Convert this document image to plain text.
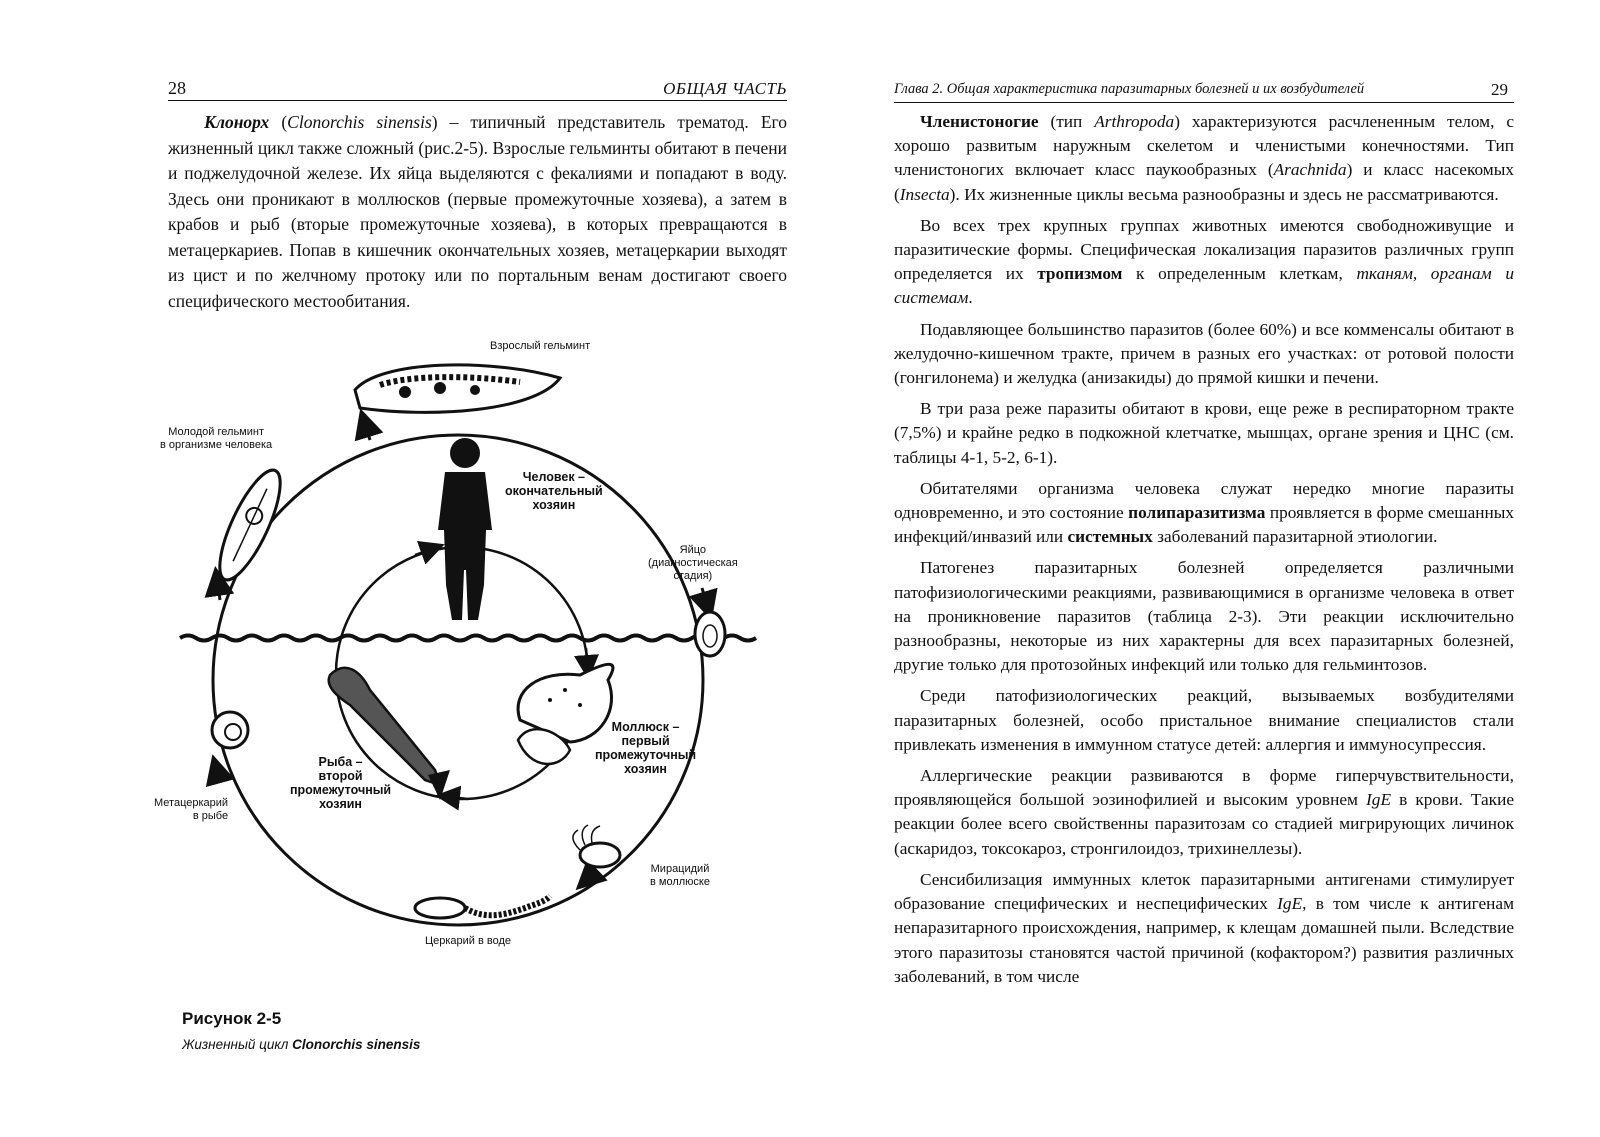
28	ОБЩАЯ ЧАСТЬ

Клонорх (Clonorchis sinensis) – типичный представитель трематод. Его жизненный цикл также сложный (рис.2-5). Взрослые гельминты обитают в печени и поджелудочной железе. Их яйца выделяются с фекалиями и попадают в воду. Здесь они проникают в моллюсков (первые промежуточные хозяева), а затем в крабов и рыб (вторые промежуточные хозяева), в которых превращаются в метацеркариев. Попав в кишечник окончательных хозяев, метацеркарии выходят из цист и по желчному протоку или по портальным венам достигают своего специфического местообитания.

Взрослый гельминт
Молодой гельминт
в организме человека
Человек –
окончательный
хозяин
Яйцо
(диагностическая
стадия)
Моллюск –
первый
промежуточный
хозяин
Рыба –
второй
промежуточный
хозяин
Метацеркарий
в рыбе
Мирацидий
в моллюске
Церкарий в воде
Рисунок 2-5
Жизненный цикл Clonorchis sinensis
Глава 2. Общая характеристика паразитарных болезней и их возбудителей	29

Членистоногие (тип Arthropoda) характеризуются расчлененным телом, с хорошо развитым наружным скелетом и членистыми конечностями. Тип членистоногих включает класс паукообразных (Arachnida) и класс насекомых (Insecta). Их жизненные циклы весьма разнообразны и здесь не рассматриваются.

Во всех трех крупных группах животных имеются свободноживущие и паразитические формы. Специфическая локализация паразитов различных групп определяется их тропизмом к определенным клеткам, тканям, органам и системам.

Подавляющее большинство паразитов (более 60%) и все комменсалы обитают в желудочно-кишечном тракте, причем в разных его участках: от ротовой полости (гонгилонема) и желудка (анизакиды) до прямой кишки и печени.

В три раза реже паразиты обитают в крови, еще реже в респираторном тракте (7,5%) и крайне редко в подкожной клетчатке, мышцах, органе зрения и ЦНС (см. таблицы 4-1, 5-2, 6-1).

Обитателями организма человека служат нередко многие паразиты одновременно, и это состояние полипаразитизма проявляется в форме смешанных инфекций/инвазий или системных заболеваний паразитарной этиологии.

Патогенез паразитарных болезней определяется различными патофизиологическими реакциями, развивающимися в организме человека в ответ на проникновение паразитов (таблица 2-3). Эти реакции исключительно разнообразны, некоторые из них характерны для всех паразитарных болезней, другие только для протозойных инфекций или только для гельминтозов.

Среди патофизиологических реакций, вызываемых возбудителями паразитарных болезней, особо пристальное внимание специалистов стали привлекать изменения в иммунном статусе детей: аллергия и иммуносупрессия.

Аллергические реакции развиваются в форме гиперчувствительности, проявляющейся большой эозинофилией и высоким уровнем IgE в крови. Такие реакции более всего свойственны паразитозам со стадией мигрирующих личинок (аскаридоз, токсокароз, стронгилоидоз, трихинеллезы).

Сенсибилизация иммунных клеток паразитарными антигенами стимулирует образование специфических и неспецифических IgE, в том числе к антигенам непаразитарного происхождения, например, к клещам домашней пыли. Вследствие этого паразитозы становятся частой причиной (кофактором?) развития различных заболеваний, в том числе
